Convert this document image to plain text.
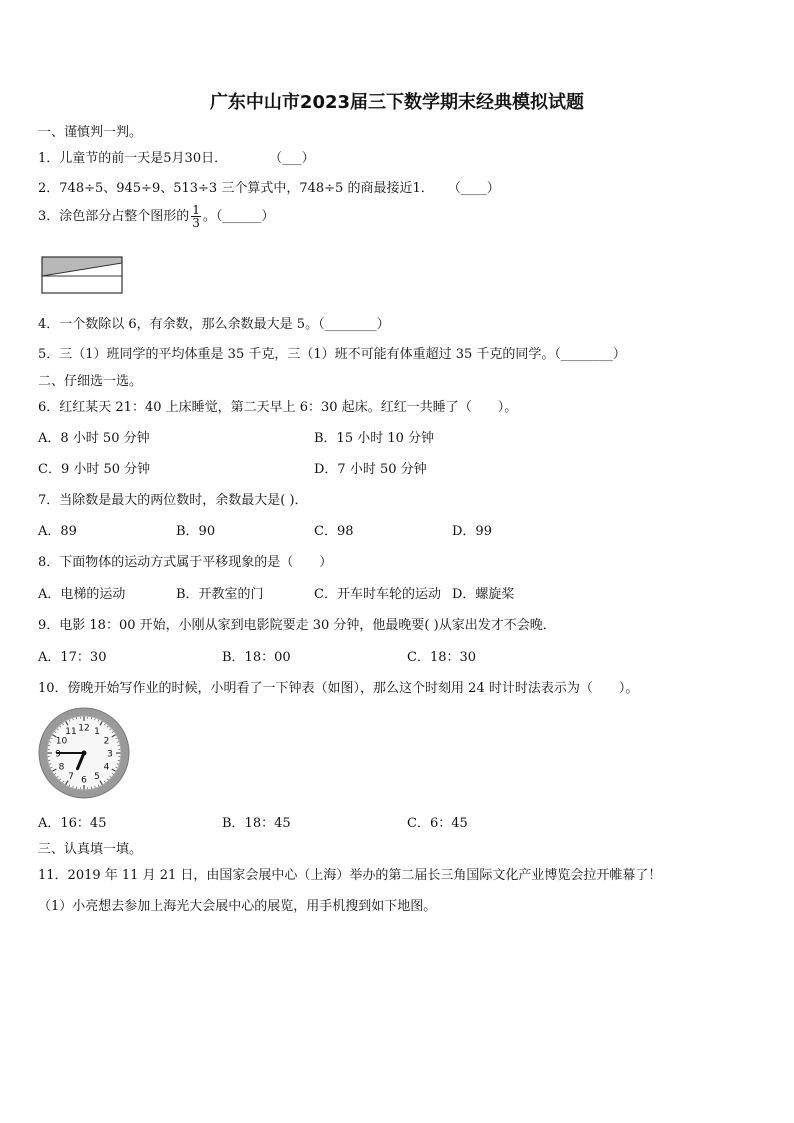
广东中山市2023届三下数学期末经典模拟试题
一、谨慎判一判。
1．儿童节的前一天是5月30日．	（___）
2．748÷5、945÷9、513÷3 三个算式中，748÷5 的商最接近1． （____）
3．涂色部分占整个图形的 $\frac{1}{3}$ 。（______）
4．一个数除以 6，有余数，那么余数最大是 5。（________）
5．三（1）班同学的平均体重是 35 千克，三（1）班不可能有体重超过 35 千克的同学。（________）
二、仔细选一选。
6．红红某天 21：40 上床睡觉，第二天早上 6：30 起床。红红一共睡了（　　）。
A．8 小时 50 分钟	B．15 小时 10 分钟
C．9 小时 50 分钟	D．7 小时 50 分钟
7．当除数是最大的两位数时，余数最大是( )．
A．89	B．90	C．98	D．99
8．下面物体的运动方式属于平移现象的是（　　）
A．电梯的运动	B．开教室的门	C．开车时车轮的运动 D．螺旋桨
9．电影 18：00 开始，小刚从家到电影院要走 30 分钟，他最晚要( )从家出发才不会晚．
A．17：30	B．18：00	C．18：30
10．傍晚开始写作业的时候，小明看了一下钟表（如图），那么这个时刻用 24 时计时法表示为（　　）。
12 1
2
3
4
5
6
7
8
9
10
11
A．16：45	B．18：45	C．6：45
三、认真填一填。
11．2019 年 11 月 21 日，由国家会展中心（上海）举办的第二届长三角国际文化产业博览会拉开帷幕了！
（1）小亮想去参加上海光大会展中心的展览，用手机搜到如下地图。
